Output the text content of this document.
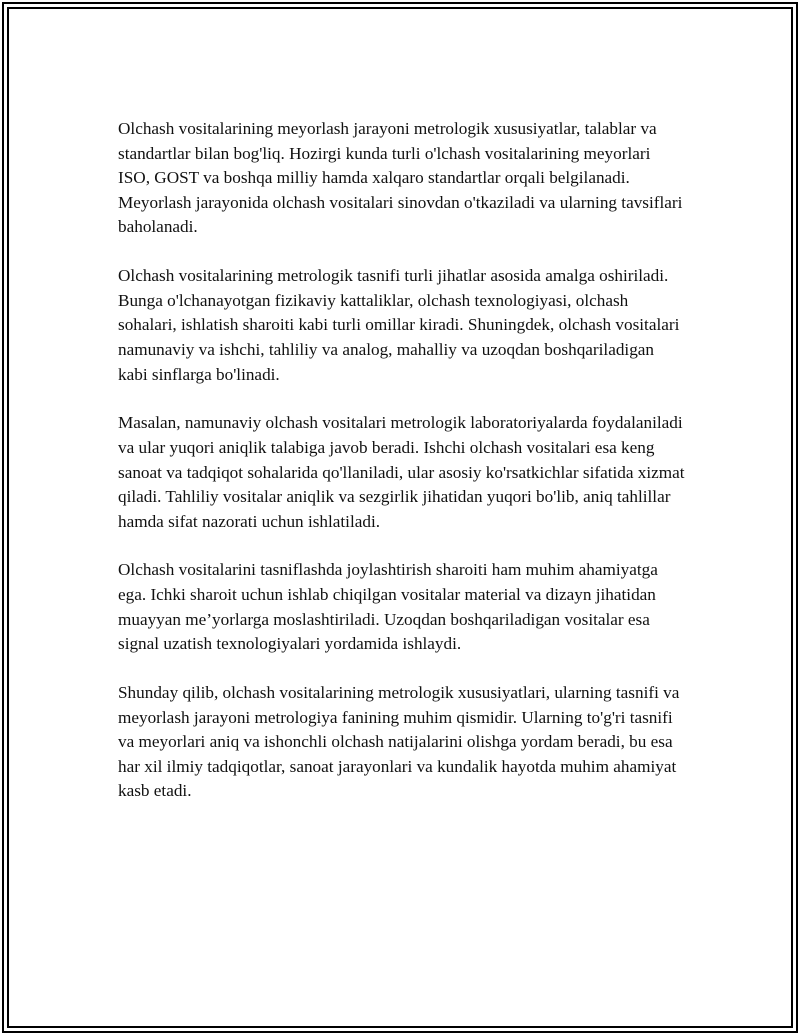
Olchash vositalarining meyorlash jarayoni metrologik xususiyatlar, talablar va standartlar bilan bog'liq. Hozirgi kunda turli o'lchash vositalarining meyorlari ISO, GOST va boshqa milliy hamda xalqaro standartlar orqali belgilanadi. Meyorlash jarayonida olchash vositalari sinovdan o'tkaziladi va ularning tavsiflari baholanadi.

Olchash vositalarining metrologik tasnifi turli jihatlar asosida amalga oshiriladi. Bunga o'lchanayotgan fizikaviy kattaliklar, olchash texnologiyasi, olchash sohalari, ishlatish sharoiti kabi turli omillar kiradi. Shuningdek, olchash vositalari namunaviy va ishchi, tahliliy va analog, mahalliy va uzoqdan boshqariladigan kabi sinflarga bo'linadi.

Masalan, namunaviy olchash vositalari metrologik laboratoriyalarda foydalaniladi va ular yuqori aniqlik talabiga javob beradi. Ishchi olchash vositalari esa keng sanoat va tadqiqot sohalarida qo'llaniladi, ular asosiy ko'rsatkichlar sifatida xizmat qiladi. Tahliliy vositalar aniqlik va sezgirlik jihatidan yuqori bo'lib, aniq tahlillar hamda sifat nazorati uchun ishlatiladi.

Olchash vositalarini tasniflashda joylashtirish sharoiti ham muhim ahamiyatga ega. Ichki sharoit uchun ishlab chiqilgan vositalar material va dizayn jihatidan muayyan me’yorlarga moslashtiriladi. Uzoqdan boshqariladigan vositalar esa signal uzatish texnologiyalari yordamida ishlaydi.

Shunday qilib, olchash vositalarining metrologik xususiyatlari, ularning tasnifi va meyorlash jarayoni metrologiya fanining muhim qismidir. Ularning to'g'ri tasnifi va meyorlari aniq va ishonchli olchash natijalarini olishga yordam beradi, bu esa har xil ilmiy tadqiqotlar, sanoat jarayonlari va kundalik hayotda muhim ahamiyat kasb etadi.
